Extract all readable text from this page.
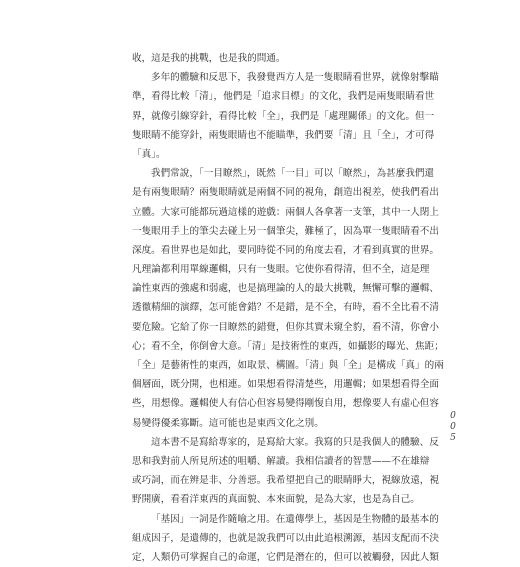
收，這是我的挑戰，也是我的問通。
多年的體驗和反思下，我發覺西方人是一隻眼睛看世界，就像射擊瞄
準，看得比較「清」，他們是「追求目標」的文化，我們是兩隻眼睛看世
界，就像引線穿針，看得比較「全」，我們是「處理關係」的文化。但一
隻眼睛不能穿針，兩隻眼睛也不能瞄準，我們要「清」且「全」，才可得
「真」。
我們常說，「一目瞭然」，既然「一目」可以「瞭然」，為甚麼我們還
是有兩隻眼睛？兩隻眼睛就是兩個不同的視角，創造出視差，使我們看出
立體。大家可能都玩過這樣的遊戲：兩個人各拿著一支筆，其中一人閉上
一隻眼用手上的筆尖去碰上另一個筆尖，難極了，因為單一隻眼睛看不出
深度。看世界也是如此，要同時從不同的角度去看，才看到真實的世界。
凡理論都利用單線邏輯，只有一隻眼。它使你看得清，但不全，這是理
論性東西的強處和弱處，也是搞理論的人的最大挑戰，無懈可擊的邏輯、
透徹精細的演繹，怎可能會錯？不是錯，是不全，有時，看不全比看不清
要危險。它給了你一目瞭然的錯覺，但你其實未窺全豹，看不清，你會小
心；看不全，你倒會大意。「清」是技術性的東西，如攝影的曝光、焦距；
「全」是藝術性的東西，如取景、構圖。「清」與「全」是構成「真」的兩
個層面，既分開，也相連。如果想看得清楚些，用邏輯；如果想看得全面
些，用想像。邏輯使人有信心但容易變得剛愎自用，想像要人有虛心但容
易變得優柔寡斷。這可能也是東西文化之別。
這本書不是寫給專家的，是寫給大家。我寫的只是我個人的體驗、反
思和我對前人所見所述的咀嚼、解讀。我相信讀者的智慧——不在雄辯
或巧詞，而在辨是非、分善惡。我希望把自己的眼睛睜大，視線放遠，視
野開廣，看看洋東西的真面貌、本來面貌，是為大家，也是為自己。
「基因」一詞是作隨喻之用。在遺傳學上，基因是生物體的最基本的
組成因子，是遺傳的，也就是說我們可以由此追根溯源，基因支配而不決
定，人類仍可掌握自己的命運，它們是潛在的，但可以被觸發，因此人類
0
0
5
